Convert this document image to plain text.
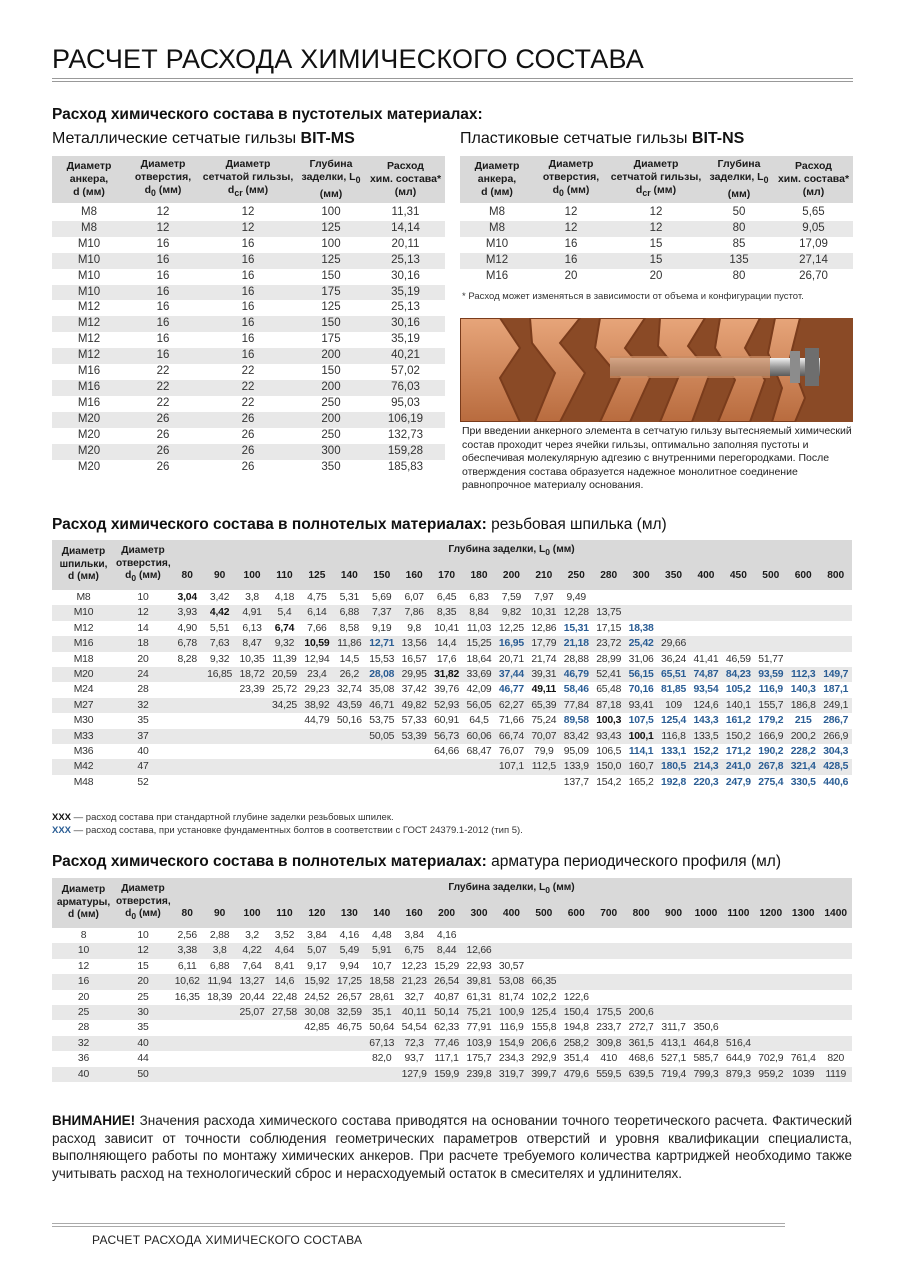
РАСЧЕТ РАСХОДА ХИМИЧЕСКОГО СОСТАВА
Расход химического состава в пустотелых материалах:
Металлические сетчатые гильзы BIT-MS
Диаметр
анкера,
d (мм)	Диаметр
отверстия,
$d_0$ (мм)	Диаметр
сетчатой гильзы,
$d_{cr}$ (мм)	Глубина
заделки, $L_0$
(мм)	Расход
хим. состава*
(мл)
M8	12	12	100	11,31
M8	12	12	125	14,14
M10	16	16	100	20,11
M10	16	16	125	25,13
M10	16	16	150	30,16
M10	16	16	175	35,19
M12	16	16	125	25,13
M12	16	16	150	30,16
M12	16	16	175	35,19
M12	16	16	200	40,21
M16	22	22	150	57,02
M16	22	22	200	76,03
M16	22	22	250	95,03
M20	26	26	200	106,19
M20	26	26	250	132,73
M20	26	26	300	159,28
M20	26	26	350	185,83
Пластиковые сетчатые гильзы BIT-NS
Диаметр
анкера,
d (мм)	Диаметр
отверстия,
$d_0$ (мм)	Диаметр
сетчатой гильзы,
$d_{cr}$ (мм)	Глубина
заделки, $L_0$
(мм)	Расход
хим. состава*
(мл)
M8	12	12	50	5,65
M8	12	12	80	9,05
M10	16	15	85	17,09
M12	16	15	135	27,14
M16	20	20	80	26,70
* Расход может изменяться в зависимости от объема и конфигурации пустот.
При введении анкерного элемента в сетчатую гильзу вытесняемый химический состав проходит через ячейки гильзы, оптимально заполняя пустоты и обеспечивая молекулярную адгезию с внутренними перегородками. После отверждения состава образуется надежное монолитное соединение равнопрочное материалу основания.
Расход химического состава в полнотелых материалах: резьбовая шпилька (мл)
Диаметр
шпильки,
d (мм)	Диаметр
отверстия,
$d_0$ (мм)	Глубина заделки, $L_0$ (мм)																				
		80	90	100	110	125	140	150	160	170	180	200	210	250	280	300	350	400	450	500	600	800
M8	10	3,04	3,42	3,8	4,18	4,75	5,31	5,69	6,07	6,45	6,83	7,59	7,97	9,49								
M10	12	3,93	4,42	4,91	5,4	6,14	6,88	7,37	7,86	8,35	8,84	9,82	10,31	12,28	13,75							
M12	14	4,90	5,51	6,13	6,74	7,66	8,58	9,19	9,8	10,41	11,03	12,25	12,86	15,31	17,15	18,38						
M16	18	6,78	7,63	8,47	9,32	10,59	11,86	12,71	13,56	14,4	15,25	16,95	17,79	21,18	23,72	25,42	29,66					
M18	20	8,28	9,32	10,35	11,39	12,94	14,5	15,53	16,57	17,6	18,64	20,71	21,74	28,88	28,99	31,06	36,24	41,41	46,59	51,77		
M20	24		16,85	18,72	20,59	23,4	26,2	28,08	29,95	31,82	33,69	37,44	39,31	46,79	52,41	56,15	65,51	74,87	84,23	93,59	112,3	149,7
M24	28			23,39	25,72	29,23	32,74	35,08	37,42	39,76	42,09	46,77	49,11	58,46	65,48	70,16	81,85	93,54	105,2	116,9	140,3	187,1
M27	32				34,25	38,92	43,59	46,71	49,82	52,93	56,05	62,27	65,39	77,84	87,18	93,41	109	124,6	140,1	155,7	186,8	249,1
M30	35					44,79	50,16	53,75	57,33	60,91	64,5	71,66	75,24	89,58	100,3	107,5	125,4	143,3	161,2	179,2	215	286,7
M33	37							50,05	53,39	56,73	60,06	66,74	70,07	83,42	93,43	100,1	116,8	133,5	150,2	166,9	200,2	266,9
M36	40									64,66	68,47	76,07	79,9	95,09	106,5	114,1	133,1	152,2	171,2	190,2	228,2	304,3
M42	47											107,1	112,5	133,9	150,0	160,7	180,5	214,3	241,0	267,8	321,4	428,5
M48	52													137,7	154,2	165,2	192,8	220,3	247,9	275,4	330,5	440,6
XXX — расход состава при стандартной глубине заделки резьбовых шпилек.
XXX — расход состава, при установке фундаментных болтов в соответствии с ГОСТ 24379.1-2012 (тип 5).
Расход химического состава в полнотелых материалах: арматура периодического профиля (мл)
Диаметр
арматуры,
d (мм)	Диаметр
отверстия,
$d_0$ (мм)	Глубина заделки, $L_0$ (мм)																				
		80	90	100	110	120	130	140	160	200	300	400	500	600	700	800	900	1000	1100	1200	1300	1400
8	10	2,56	2,88	3,2	3,52	3,84	4,16	4,48	3,84	4,16												
10	12	3,38	3,8	4,22	4,64	5,07	5,49	5,91	6,75	8,44	12,66											
12	15	6,11	6,88	7,64	8,41	9,17	9,94	10,7	12,23	15,29	22,93	30,57										
16	20	10,62	11,94	13,27	14,6	15,92	17,25	18,58	21,23	26,54	39,81	53,08	66,35									
20	25	16,35	18,39	20,44	22,48	24,52	26,57	28,61	32,7	40,87	61,31	81,74	102,2	122,6								
25	30			25,07	27,58	30,08	32,59	35,1	40,11	50,14	75,21	100,9	125,4	150,4	175,5	200,6						
28	35					42,85	46,75	50,64	54,54	62,33	77,91	116,9	155,8	194,8	233,7	272,7	311,7	350,6				
32	40							67,13	72,3	77,46	103,9	154,9	206,6	258,2	309,8	361,5	413,1	464,8	516,4			
36	44							82,0	93,7	117,1	175,7	234,3	292,9	351,4	410	468,6	527,1	585,7	644,9	702,9	761,4	820
40	50								127,9	159,9	239,8	319,7	399,7	479,6	559,5	639,5	719,4	799,3	879,3	959,2	1039	1119
ВНИМАНИЕ! Значения расхода химического состава приводятся на основании точного теоретического расчета. Фактический расход зависит от точности соблюдения геометрических параметров отверстий и уровня квалификации специалиста, выполняющего работы по монтажу химических анкеров. При расчете требуемого количества картриджей необходимо также учитывать расход на технологический сброс и нерасходуемый остаток в смесителях и удлинителях.
РАСЧЕТ РАСХОДА ХИМИЧЕСКОГО СОСТАВА
